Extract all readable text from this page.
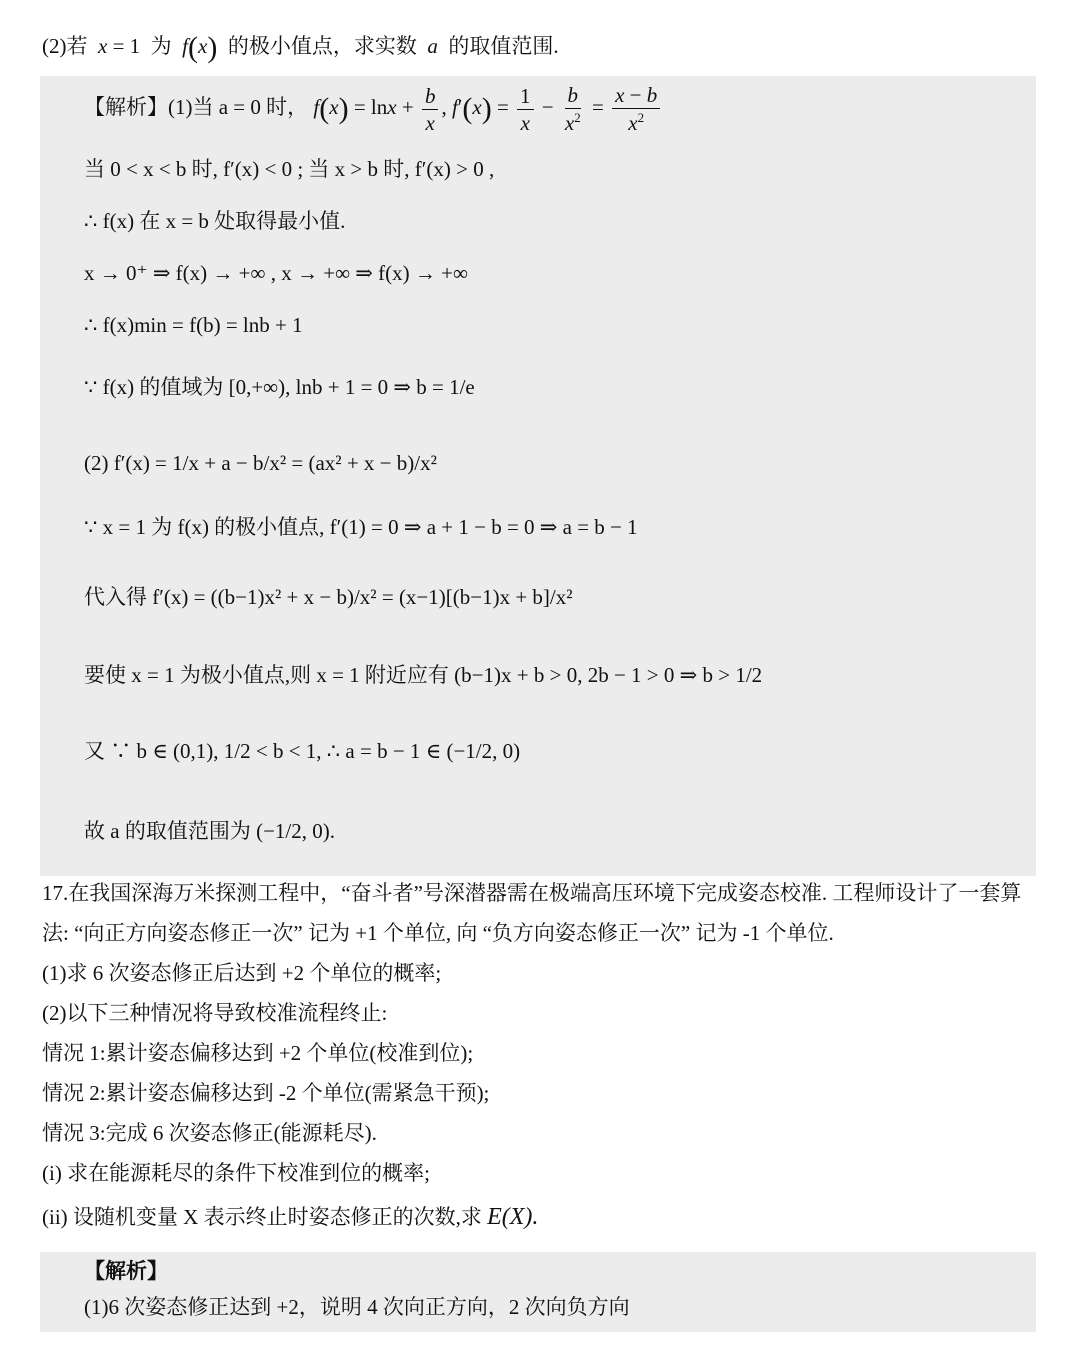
(2)若  x = 1  为  f(x)  的极小值点，求实数  a  的取值范围.
【解析】(1)当 a = 0 时， $f(x) = \ln x + \frac{b}{x}$ , $f'(x) = \frac{1}{x} - \frac{b}{x^2} = \frac{x - b}{x^2}$
当 0 < x < b 时, f′(x) < 0 ; 当 x > b 时, f′(x) > 0 ,
∴ f(x) 在 x = b 处取得最小值.
x → 0⁺ ⇒ f(x) → +∞ , x → +∞ ⇒ f(x) → +∞
∴ f(x)min = f(b) = lnb + 1
∵ f(x) 的值域为 [0,+∞), lnb + 1 = 0 ⇒ b = 1/e
(2) f′(x) = 1/x + a − b/x² = (ax² + x − b)/x²
∵ x = 1 为 f(x) 的极小值点, f′(1) = 0 ⇒ a + 1 − b = 0 ⇒ a = b − 1
代入得 f′(x) = ((b−1)x² + x − b)/x² = (x−1)[(b−1)x + b]/x²
要使 x = 1 为极小值点,则 x = 1 附近应有 (b−1)x + b > 0, 2b − 1 > 0 ⇒ b > 1/2
又 ∵ b ∈ (0,1), 1/2 < b < 1, ∴ a = b − 1 ∈ (−1/2, 0)
故 a 的取值范围为 (−1/2, 0).
17.在我国深海万米探测工程中，“奋斗者”号深潜器需在极端高压环境下完成姿态校准. 工程师设计了一套算
法: “向正方向姿态修正一次” 记为 +1 个单位, 向 “负方向姿态修正一次” 记为 -1 个单位.
(1)求 6 次姿态修正后达到 +2 个单位的概率;
(2)以下三种情况将导致校准流程终止:
情况 1:累计姿态偏移达到 +2 个单位(校准到位);
情况 2:累计姿态偏移达到 -2 个单位(需紧急干预);
情况 3:完成 6 次姿态修正(能源耗尽).
(i) 求在能源耗尽的条件下校准到位的概率;
(ii) 设随机变量 X 表示终止时姿态修正的次数,求 E(X).
【解析】
(1)6 次姿态修正达到 +2，说明 4 次向正方向，2 次向负方向
